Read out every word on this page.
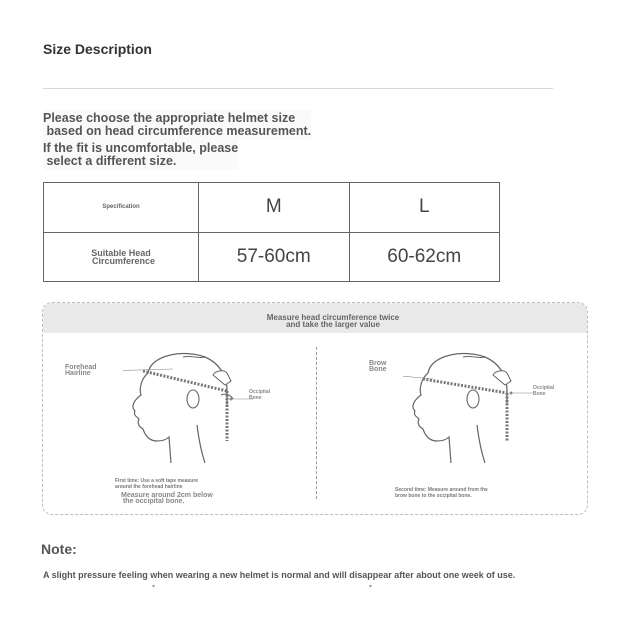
Size Description
Please choose the appropriate helmet size
based on head circumference measurement.
If the fit is uncomfortable, please
select a different size.
Specification	M	L
Suitable Head
Circumference	57-60cm	60-62cm
Measure head circumference twice
and take the larger value
Forehead
Hairline
Occipital
Bone
First time: Use a soft tape measure
around the forehead hairline
Measure around 2cm below
the occipital bone.
Brow
Bone
Occipital
Bone
Second time: Measure around from the
brow bone to the occipital bone.
Note:
A slight pressure feeling when wearing a new helmet is normal and will disappear after about one week of use.
▾	▾
